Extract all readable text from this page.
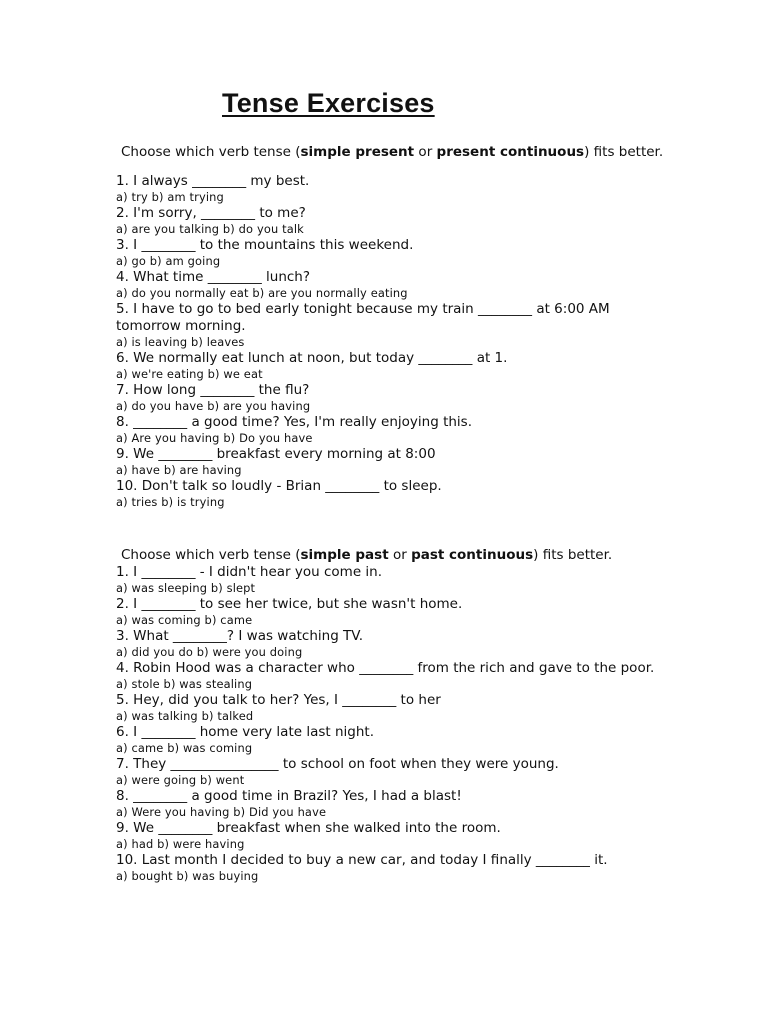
Tense Exercises

Choose which verb tense (simple present or present continuous) fits better.

1. I always ________ my best.

a) try b) am trying

2. I'm sorry, ________ to me?

a) are you talking b) do you talk

3. I ________ to the mountains this weekend.

a) go b) am going

4. What time ________ lunch?

a) do you normally eat b) are you normally eating

5. I have to go to bed early tonight because my train ________ at 6:00 AM tomorrow morning.

a) is leaving b) leaves

6. We normally eat lunch at noon, but today ________ at 1.

a) we're eating b) we eat

7. How long ________ the flu?

a) do you have b) are you having

8. ________ a good time? Yes, I'm really enjoying this.

a) Are you having b) Do you have

9. We ________ breakfast every morning at 8:00

a) have b) are having

10. Don't talk so loudly - Brian ________ to sleep.

a) tries b) is trying

Choose which verb tense (simple past or past continuous) fits better.

1. I ________ - I didn't hear you come in.

a) was sleeping b) slept

2. I ________ to see her twice, but she wasn't home.

a) was coming b) came

3. What ________? I was watching TV.

a) did you do b) were you doing

4. Robin Hood was a character who ________ from the rich and gave to the poor.

a) stole b) was stealing

5. Hey, did you talk to her? Yes, I ________ to her

a) was talking b) talked

6. I ________ home very late last night.

a) came b) was coming

7. They ________________ to school on foot when they were young.

a) were going b) went

8. ________ a good time in Brazil? Yes, I had a blast!

a) Were you having b) Did you have

9. We ________ breakfast when she walked into the room.

a) had b) were having

10. Last month I decided to buy a new car, and today I finally ________ it.

a) bought b) was buying
